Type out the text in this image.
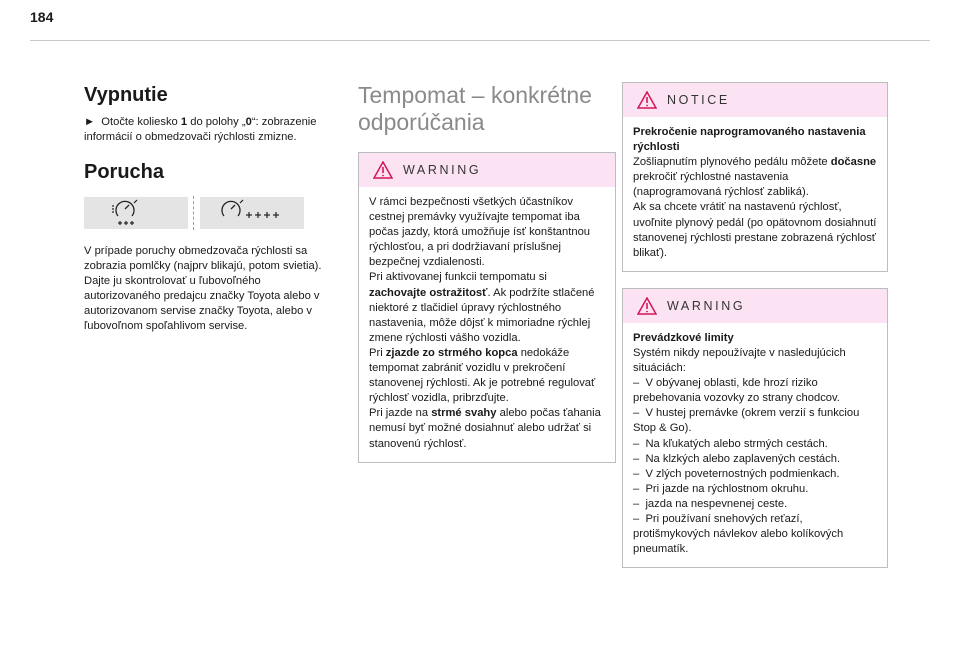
184
Vypnutie

►  Otočte koliesko 1 do polohy „0“: zobrazenie informácií o obmedzovači rýchlosti zmizne.

Porucha

V prípade poruchy obmedzovača rýchlosti sa zobrazia pomlčky (najprv blikajú, potom svietia). Dajte ju skontrolovať u ľubovoľného autorizovaného predajcu značky Toyota alebo v autorizovanom servise značky Toyota, alebo v ľubovoľnom spoľahlivom servise.

Tempomat – konkrétne odporúčania
WARNING
V rámci bezpečnosti všetkých účastníkov cestnej premávky využívajte tempomat iba počas jazdy, ktorá umožňuje ísť konštantnou rýchlosťou, a pri dodržiavaní príslušnej bezpečnej vzdialenosti.
Pri aktivovanej funkcii tempomatu si zachovajte ostražitosť. Ak podržíte stlačené niektoré z tlačidiel úpravy rýchlostného nastavenia, môže dôjsť k mimoriadne rýchlej zmene rýchlosti vášho vozidla.
Pri zjazde zo strmého kopca nedokáže tempomat zabrániť vozidlu v prekročení stanovenej rýchlosti. Ak je potrebné regulovať rýchlosť vozidla, pribrzďujte.
Pri jazde na strmé svahy alebo počas ťahania nemusí byť možné dosiahnuť alebo udržať si stanovenú rýchlosť.
NOTICE
Prekročenie naprogramovaného nastavenia rýchlosti
Zošliapnutím plynového pedálu môžete dočasne prekročiť rýchlostné nastavenia (naprogramovaná rýchlosť zabliká).
Ak sa chcete vrátiť na nastavenú rýchlosť, uvoľnite plynový pedál (po opätovnom dosiahnutí stanovenej rýchlosti prestane zobrazená rýchlosť blikať).
WARNING
Prevádzkové limity
Systém nikdy nepoužívajte v nasledujúcich situáciách:
–  V obývanej oblasti, kde hrozí riziko prebehovania vozovky zo strany chodcov.
–  V hustej premávke (okrem verzií s funkciou Stop & Go).
–  Na kľukatých alebo strmých cestách.
–  Na klzkých alebo zaplavených cestách.
–  V zlých poveternostných podmienkach.
–  Pri jazde na rýchlostnom okruhu.
–  jazda na nespevnenej ceste.
–  Pri používaní snehových reťazí, protišmykových návlekov alebo kolíkových pneumatík.
